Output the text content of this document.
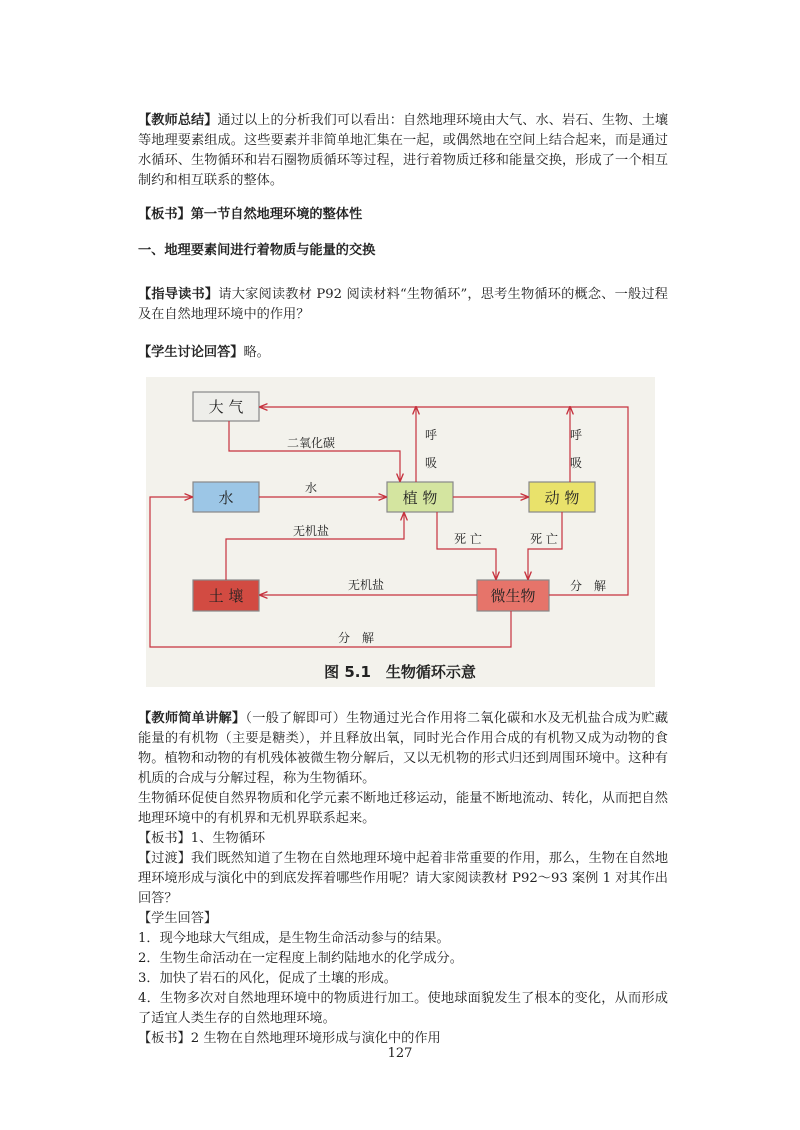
【教师总结】通过以上的分析我们可以看出：自然地理环境由大气、水、岩石、生物、土壤等地理要素组成。这些要素并非简单地汇集在一起，或偶然地在空间上结合起来，而是通过水循环、生物循环和岩石圈物质循环等过程，进行着物质迁移和能量交换，形成了一个相互制约和相互联系的整体。

【板书】第一节自然地理环境的整体性
一、地理要素间进行着物质与能量的交换

【指导读书】请大家阅读教材 P92 阅读材料“生物循环”，思考生物循环的概念、一般过程及在自然地理环境中的作用？

【学生讨论回答】略。

大 气
水	植 物	动 物
土 壤	微生物
二氧化碳
水
无机盐
无机盐
死 亡	死 亡
分　解
分　解
呼
吸
呼
吸
图 5.1　生物循环示意

【教师简单讲解】（一般了解即可）生物通过光合作用将二氧化碳和水及无机盐合成为贮藏能量的有机物（主要是糖类），并且释放出氧，同时光合作用合成的有机物又成为动物的食物。植物和动物的有机残体被微生物分解后，又以无机物的形式归还到周围环境中。这种有机质的合成与分解过程，称为生物循环。

生物循环促使自然界物质和化学元素不断地迁移运动，能量不断地流动、转化，从而把自然地理环境中的有机界和无机界联系起来。

【板书】1、生物循环

【过渡】我们既然知道了生物在自然地理环境中起着非常重要的作用，那么，生物在自然地理环境形成与演化中的到底发挥着哪些作用呢？请大家阅读教材 P92～93 案例 1 对其作出回答？

【学生回答】
1．现今地球大气组成，是生物生命活动参与的结果。
2．生物生命活动在一定程度上制约陆地水的化学成分。
3．加快了岩石的风化，促成了土壤的形成。

4．生物多次对自然地理环境中的物质进行加工。使地球面貌发生了根本的变化，从而形成了适宜人类生存的自然地理环境。

【板书】2 生物在自然地理环境形成与演化中的作用
127
